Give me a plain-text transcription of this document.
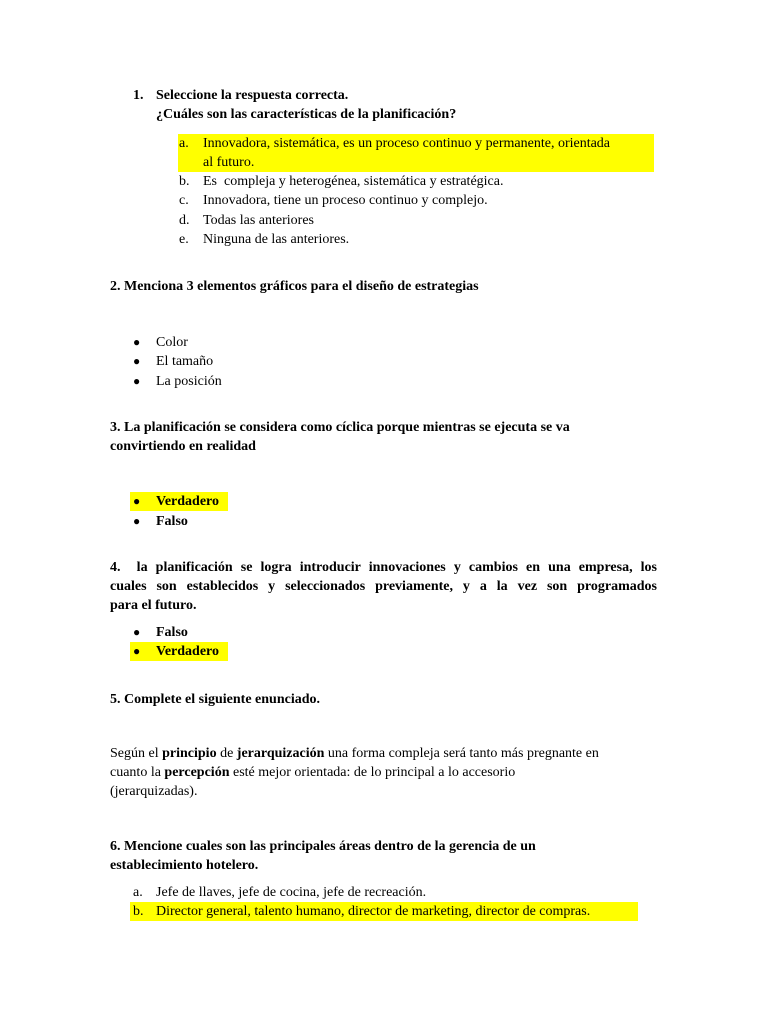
1. Seleccione la respuesta correcta.
¿Cuáles son las características de la planificación?
a. Innovadora, sistemática, es un proceso continuo y permanente, orientada
al futuro.
b. Es  compleja y heterogénea, sistemática y estratégica.
c. Innovadora, tiene un proceso continuo y complejo.
d. Todas las anteriores
e. Ninguna de las anteriores.
2. Menciona 3 elementos gráficos para el diseño de estrategias
● Color
● El tamaño
● La posición
3. La planificación se considera como cíclica porque mientras se ejecuta se va
convirtiendo en realidad
● Verdadero
● Falso
4.  la planificación se logra introducir innovaciones y cambios en una empresa, los
cuales son establecidos y seleccionados previamente, y a la vez son programados
para el futuro.
● Falso
● Verdadero
5. Complete el siguiente enunciado.
Según el principio de jerarquización una forma compleja será tanto más pregnante en
cuanto la percepción esté mejor orientada: de lo principal a lo accesorio
(jerarquizadas).
6. Mencione cuales son las principales áreas dentro de la gerencia de un
establecimiento hotelero.
a. Jefe de llaves, jefe de cocina, jefe de recreación.
b. Director general, talento humano, director de marketing, director de compras.
